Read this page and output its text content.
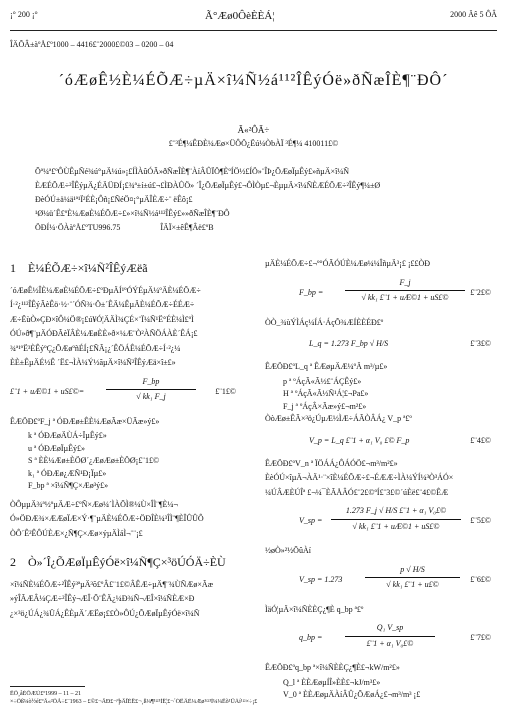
¡° 200 ¡°	Ã°Æø0ÔèÈÈÁ¦	2000 Äê 5 ÔÂ
ÎÄÕÂ±àºÅ£º1000 – 4416£¨2000£©03 – 0200 – 04
´óÆøÊ½È¼ÉÕÆ÷µÄ×î¼Ñ½á¹¹²ÎÊýÓë»ðÑæÎÈ¶¨ÐÔ´
Ã«²ÔÃ÷
£¨³É¶¼ÊÐÈ¼Æø×ÜÔÖ¿Ëú¼ÒbÀÏ ³É¶¼ 410011£©
Õª¼ª£ºÔÙÊµÑé¾ú°µÄ¼ú»¡£ÍÌÀûÓÃ»ðÑæÎÈ¶¨ÀíÂÛÏÖ¶ÈºÍÖ½£ÍÖ»¨ÎÞ¿ÕÆøÏµÊý£»ñµÄ×î¼Ñ
ÈÆÉÕÆ÷²ÎÊýµÄ¿ÉÄÜÐÍ¡£¾ª±í±ú£¬£ÌÐÀÛÖ» ´Î¿ÕÆøÏµÊý£¬ÔÌÒµ£¬ÈµµÄ×î¼ÑÈÆÉÕÆ÷²ÎÊý¶¼±Ø
ÐèÓÚ±ä¼ä¹ª¹Ï²ÉÈ¡Ôñ¡£ÑéÖ¤¡°µÄÎÈÆ÷¨ ëÊô¡£
¹Ø¼ü´Ê£ºÈ¼ÆøÈ¼ÉÕÆ÷£»×î¼Ñ½á¹¹²ÎÊý£»»ðÑæÎÈ¶¨ÐÔ
ÖÐÍ¼·ÖÀàºÅ£ºTU996.75	ÎÄÏ×±êÊ¶Âë£ºB
1 È¼ÉÕÆ÷×î¼Ñ²ÎÊýÆëã
´óÆøÊ½ÎÈ¼ÆøÈ¼ÉÕÆ÷£ºÐµÄÍ¹ºÓÝÉµÄ¼ºÄÈ¼ÉÕÆ÷
Í·²¿¹¹²ÎÊýÃèÊö·½·¨´ÓÑ¾·Ö±´ÊÄ¼ÊµÄÈ¼ÉÕÆ÷ÉÉÆ÷
Æ÷ËùÒ»ÇÐ×îÔ¼Ö®¡£ú¥Ó¦ÄÄÌ¾ÇÉ×¨Ï¼Ñ¹Ë°ÉÈ¼Ì£ºÌ
ÓÚ»ð¶¨µÄÓÐÃèÏÂÈ¼ÆøÈÈ»ð×¼Æ¨Ò²ÀÑÖÁÀÈ´ÊÁ¡£
¾ª¹ºË³ÈÊýºÇ¿ÕÆøºñÉÍ¡£ÑÃ¡¿´ÊÖÁÊ¼ÉÕÆ÷Í·²¿¼
ÈÈ±ÊµÄÉ½Ê ´Ë£¬ÌÀ¼Ý½ãµÄ×î¼Ñ²ÎÊýÆä×î±£»
£¨1 + uÆ©1 + uS£©=	$\frac{F\_bp}{\text{√ kk₁ F\_j}}$ £¨1£©
ÊÆÖÐ£ºF_j ª ÓÐÆø±ÊÈ¼ÆøÃæ×ÜÃæ»ý£»
k ª ÓÐÆøÄÙÁ÷ÏµÊý£»
u ª ÓÐÆøÏµÊý£»
S ª ÈÈ¼Æø±ÈÖØ´¿ÆøÆø±ÈÖØ¡£¨1£©
k₁ ª ÓÐÆø¿ÆÑ¹Ð¡Ïµ£»
F_bp ª ×î¼Ñ¶Ç×Æø³ý£»
ÒÔµµÄ¾ª½ºµÄÆ÷£ºÑ×Æø¼´ÌÀÕÌ®¼Ù×ÎÌ¨¶È¼¬
Ó»ÖÐÆ¾×ÆÆøÏÆ×Ý·¶¨µÄÈ¼ÉÕÆ÷ÖÐÎÈ¼³ÎÌ¨¶ÈÎÛÛÔ
ÒÔ´Ê²ÊÔÚÈÆ×¿Ñ¶Ç×Æø×ýµÄÌáÌ¬¨¨¡£
2 Ò»´Î¿ÕÆøÏµÊýÓë×î¼Ñ¶Ç×³öÚÓÄ÷ÈÙ
×î¼ÑÈ¼ÉÕÆ÷²ÎÊý³ªµÄ³õ£ºÂ£¨1£©ÂÊÆ÷µÄ¶¨¾ÙÑÆø×Ãæ
»ýÎÃÆÂ¼ÇÆ÷²ÎÊý¬ÆÎ·Õ¨ÊÄ¿¼Ð¾Ñ¬ÆÎ×î¼ÑÈÆ×Ð
¿×³ö¿ÚÁ¿¾ÜÁ¿ÊÈµÄ´ÆËø¡££Ò»ÔÚ¿ÕÆøÏµÊýÓë×î¼Ñ
µÄÈ¼ÉÕÆ÷£¬º°ÓÃÓÚÈ¼Æø¼¼ÎñµÄ³¡£ ¡££ÒÐ
F_bp =	$\frac{F\_j}{\text{√ kk₁ £¨1 + uÆ©1 + uS£©}}$ £¨2£©
ÒÒ_¾ùÝÌÁç¼ÍÁ·ÁçÕ¾ÆÍÈÈÉÐ£º
L_q = 1.273 F_bp √ H/S	£¨3£©
ÊÆÖÐ£ºL_q ª ÊÆøµÄÆ¼ºÄ m³/µ£»
p ª ºÁçÃ«Ã½£¨ÁÇÊý£»
H ª ºÁçÃ«Ã½Ñ¹Á¦£¬Pa£»
F_j ª ºÁçÂ×Ãæ»ý£¬m²£»
ÒòÆø±ÊÃ×³ö¿ÚµÆ½ÌÆ÷ÁÃÒÂÁ¿ V_p ª£º
V_p = L_q £¨1 + α₁ V₀ £© F_p	£¨4£©
ÊÆÖÐ£ºV_n ª ÏÖÁÁ¿ÔÁÓÖ£¬m³/m²£»
ÈèÓÚ×îµÄ¬ÀÄ¹·¨×îÈ¼ÉÕÆ÷£¬ÉÆÆ÷ÌÀ¼ÝÍ¼³Ò³ÁÓ×
¼ÚÂÆÈÚÎª £¬¼¯ÈÃÅÂÓ£¨2£©ºÍ£¨3£©´úÈë£¨4£©ÊÆ
V_sp = $\frac{\text{1.273 F\_j √ H/S £¨1 + α₁ V₀£©}}{\text{√ kk₁ £¨1 + uÆ©1 + uS£©}}$ £¨5£©
½øÒ»²½ÕûÀí
V_sp = 1.273	$\frac{p √ H/S}{\text{√ kk₁ £¨1 + u£©}}$ £¨6£©
ÌäÓ¦µÄ×î¼ÑÈÈÇ¿¶È q_bp ª£º
q_bp =	$\frac{\text{Q₁ V\_sp}}{\text{£¨1 + α₁ V₀£©}}$	£¨7£©
ÊÆÖÐ£ºq_bp ª×î¼ÑÈÈÇ¿¶È£¬kW/m²£»
Q_l ª ÈÈÆøµÍÎ»ÈÈ£¬kJ/m³£»
V_0 ª ÈÈÆøµÄÀíÂÛ¿ÕÆøÁ¿£¬m³/m³ ¡£
ÊÕ¸åÈÕÆÚ£º1999 – 11 – 21
×÷Õß¼ò½é£ºÃ«²ÔÃ÷£¨1963 – £©£¬ÄÐ£¬ºþÄÏÈË£¬¸ß¼¶¹¤³ÌÊ¦£¬´ÓÊÂÈ¼Æø¹¤³Ì¼¼Êõ¹ÜÀí¹¤×÷¡£
